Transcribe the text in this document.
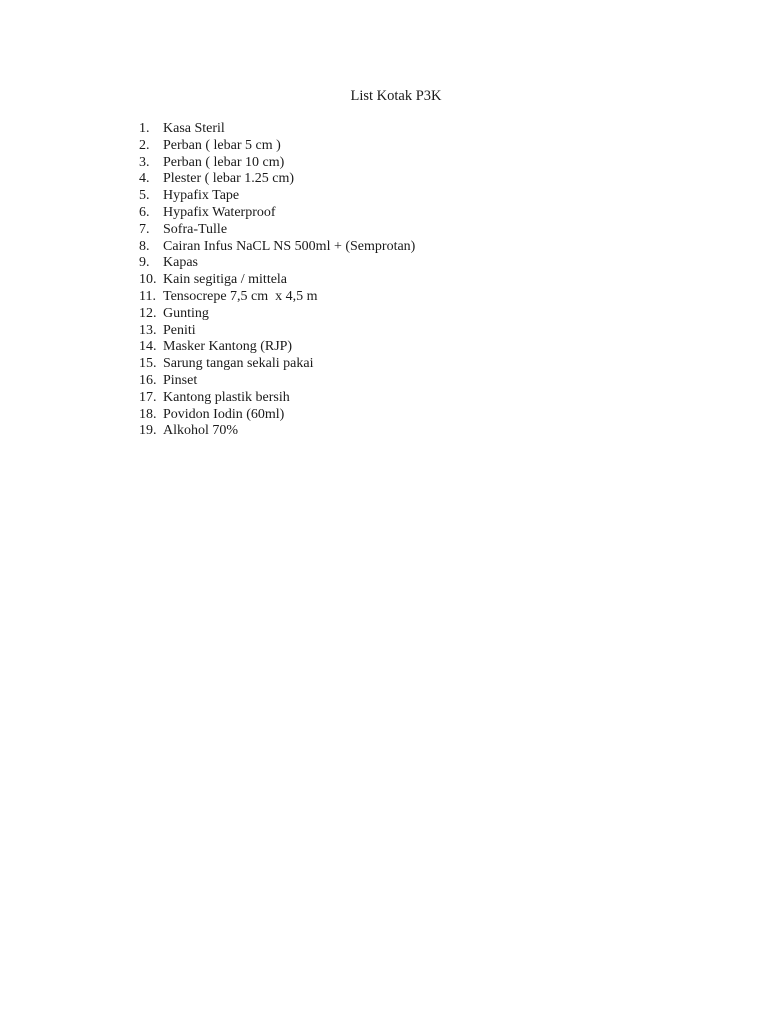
List Kotak P3K
1. Kasa Steril
2. Perban ( lebar 5 cm )
3. Perban ( lebar 10 cm)
4. Plester ( lebar 1.25 cm)
5. Hypafix Tape
6. Hypafix Waterproof
7. Sofra-Tulle
8. Cairan Infus NaCL NS 500ml + (Semprotan)
9. Kapas
10. Kain segitiga / mittela
11. Tensocrepe 7,5 cm  x 4,5 m
12. Gunting
13. Peniti
14. Masker Kantong (RJP)
15. Sarung tangan sekali pakai
16. Pinset
17. Kantong plastik bersih
18. Povidon Iodin (60ml)
19. Alkohol 70%
